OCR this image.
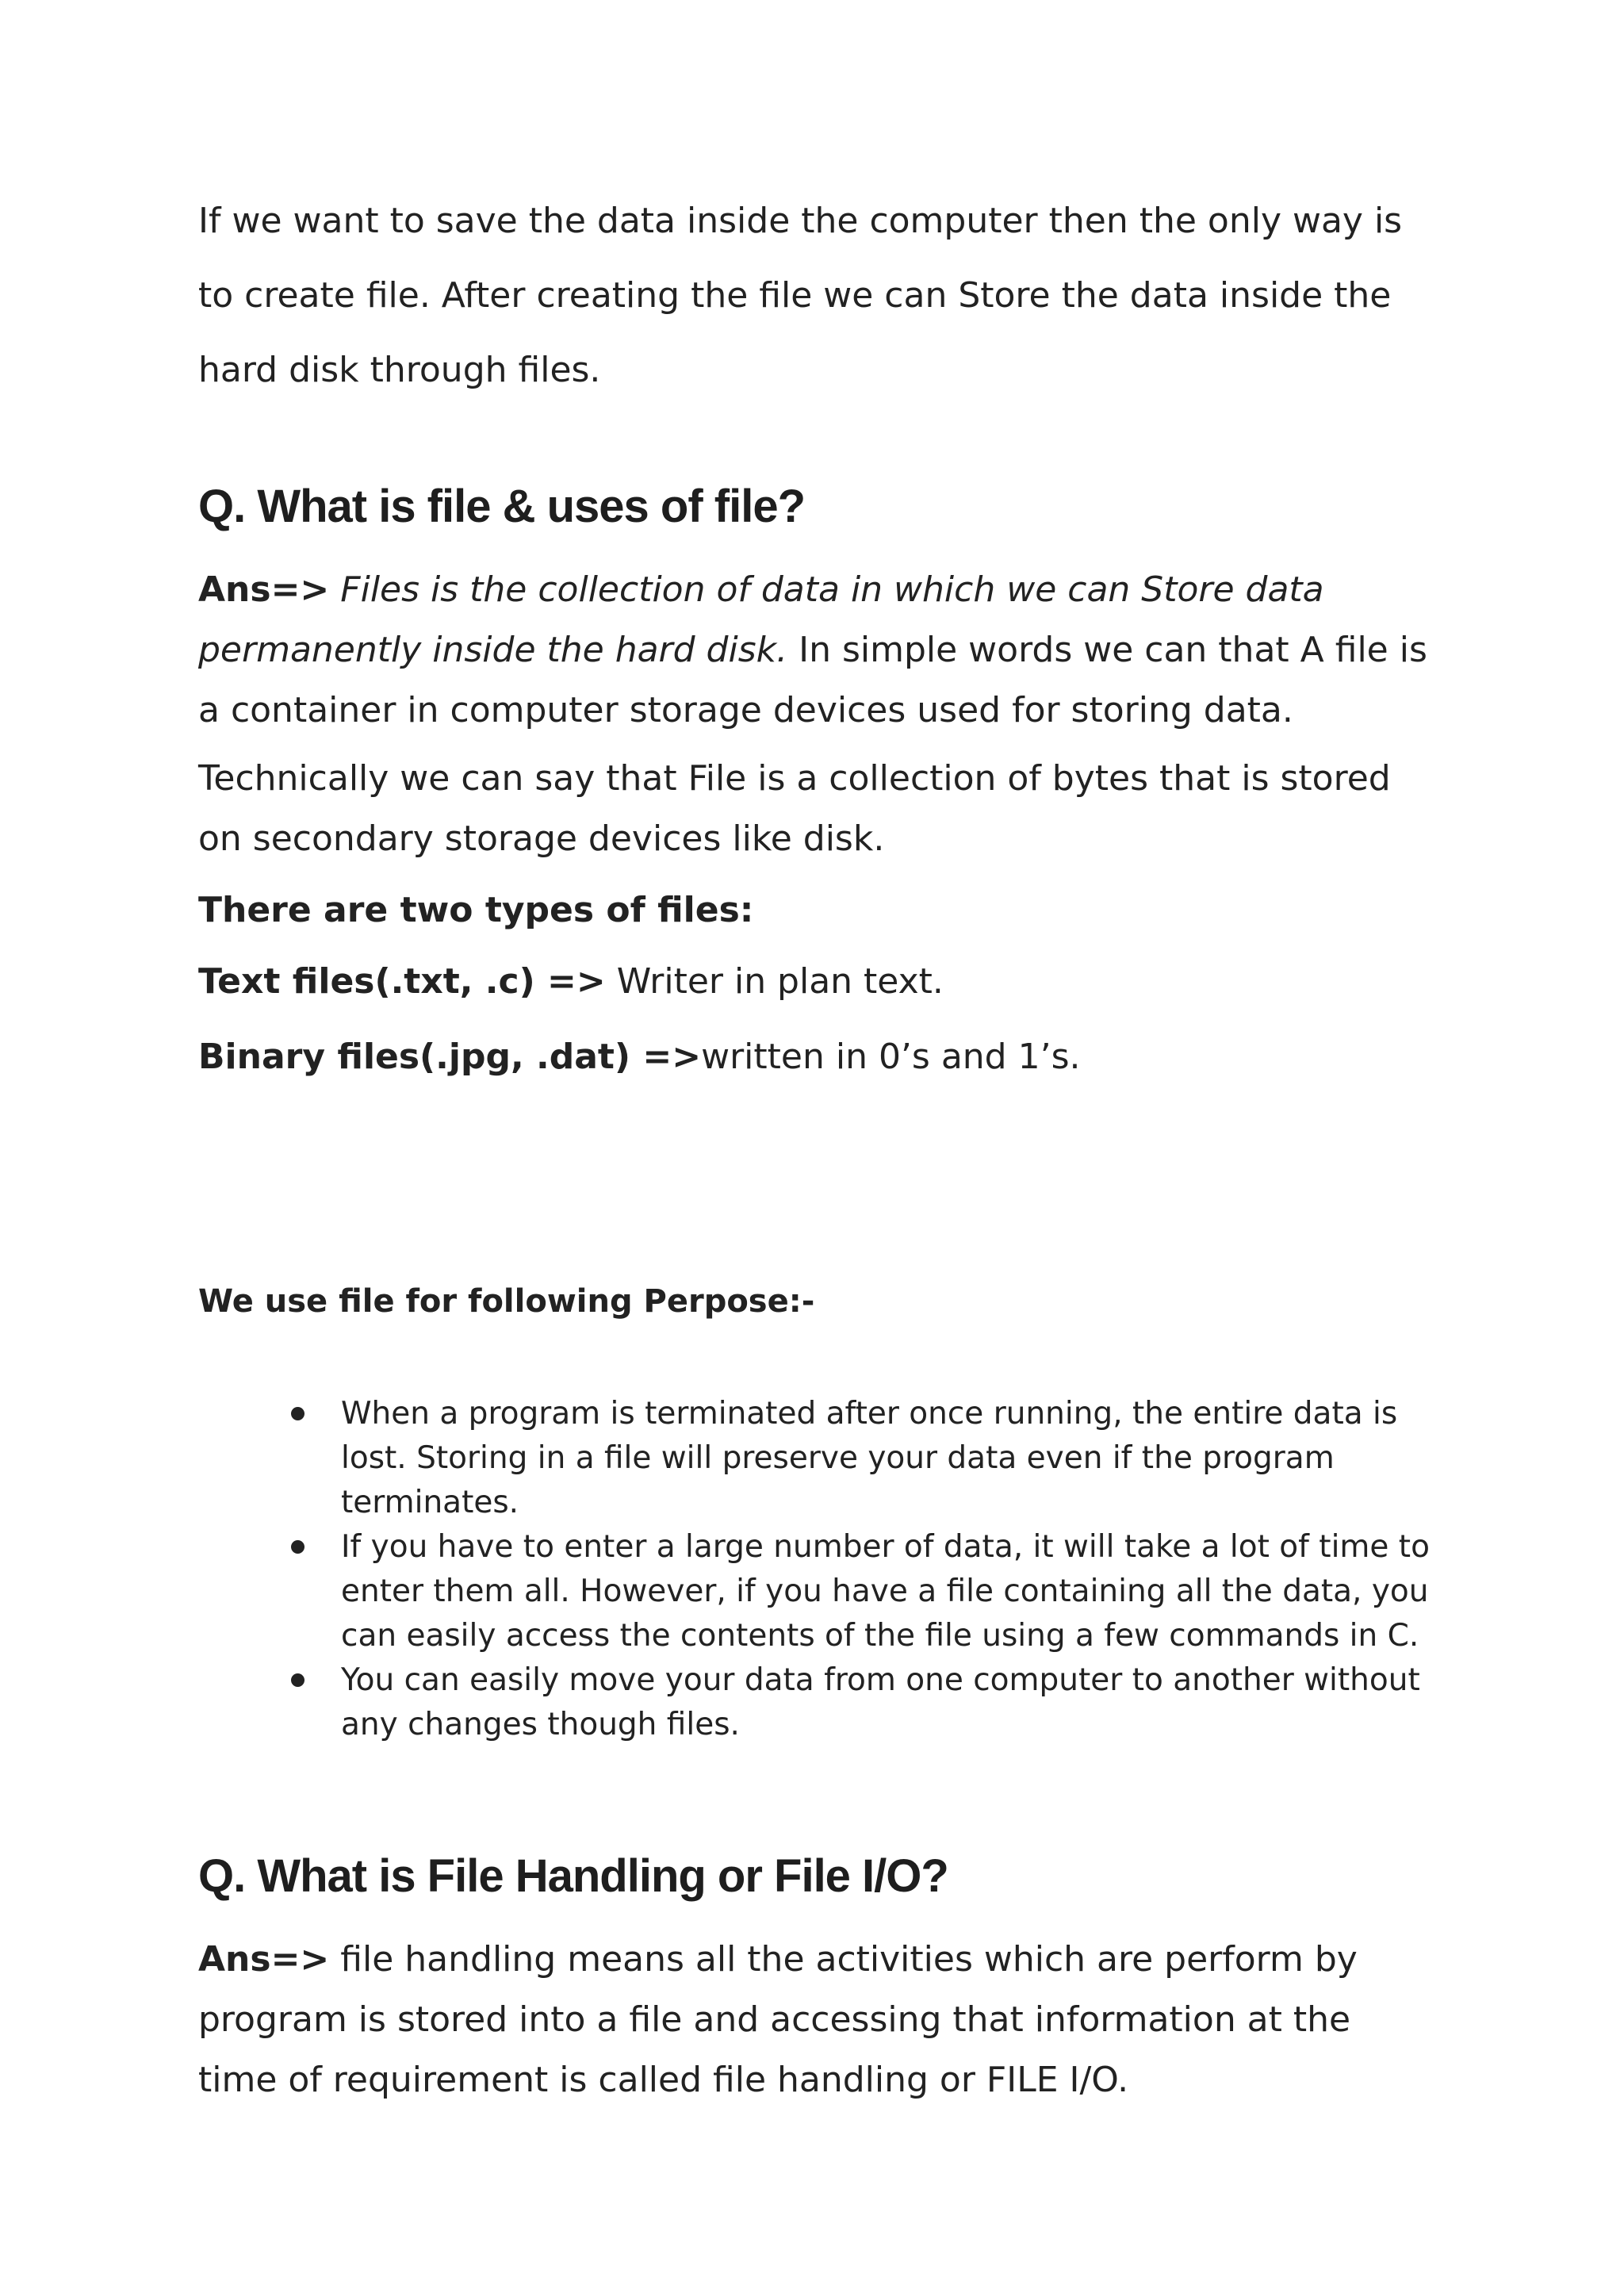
If we want to save the data inside the computer then the only way is to create file. After creating the file we can Store the data inside the hard disk through files.

Q. What is file & uses of file?

Ans=> Files is the collection of data in which we can Store data permanently inside the hard disk. In simple words we can that A file is a container in computer storage devices used for storing data.

Technically we can say that File is a collection of bytes that is stored on secondary storage devices like disk.

There are two types of files:

Text files(.txt, .c) => Writer in plan text.

Binary files(.jpg, .dat) =>written in 0’s and 1’s.

We use file for following Perpose:-

When a program is terminated after once running, the entire data is lost. Storing in a file will preserve your data even if the program terminates.
If you have to enter a large number of data, it will take a lot of time to enter them all. However, if you have a file containing all the data, you can easily access the contents of the file using a few commands in C.
You can easily move your data from one computer to another without any changes though files.
Q. What is File Handling or File I/O?

Ans=> file handling means all the activities which are perform by program is stored into a file and accessing that information at the time of requirement is called file handling or FILE I/O.
